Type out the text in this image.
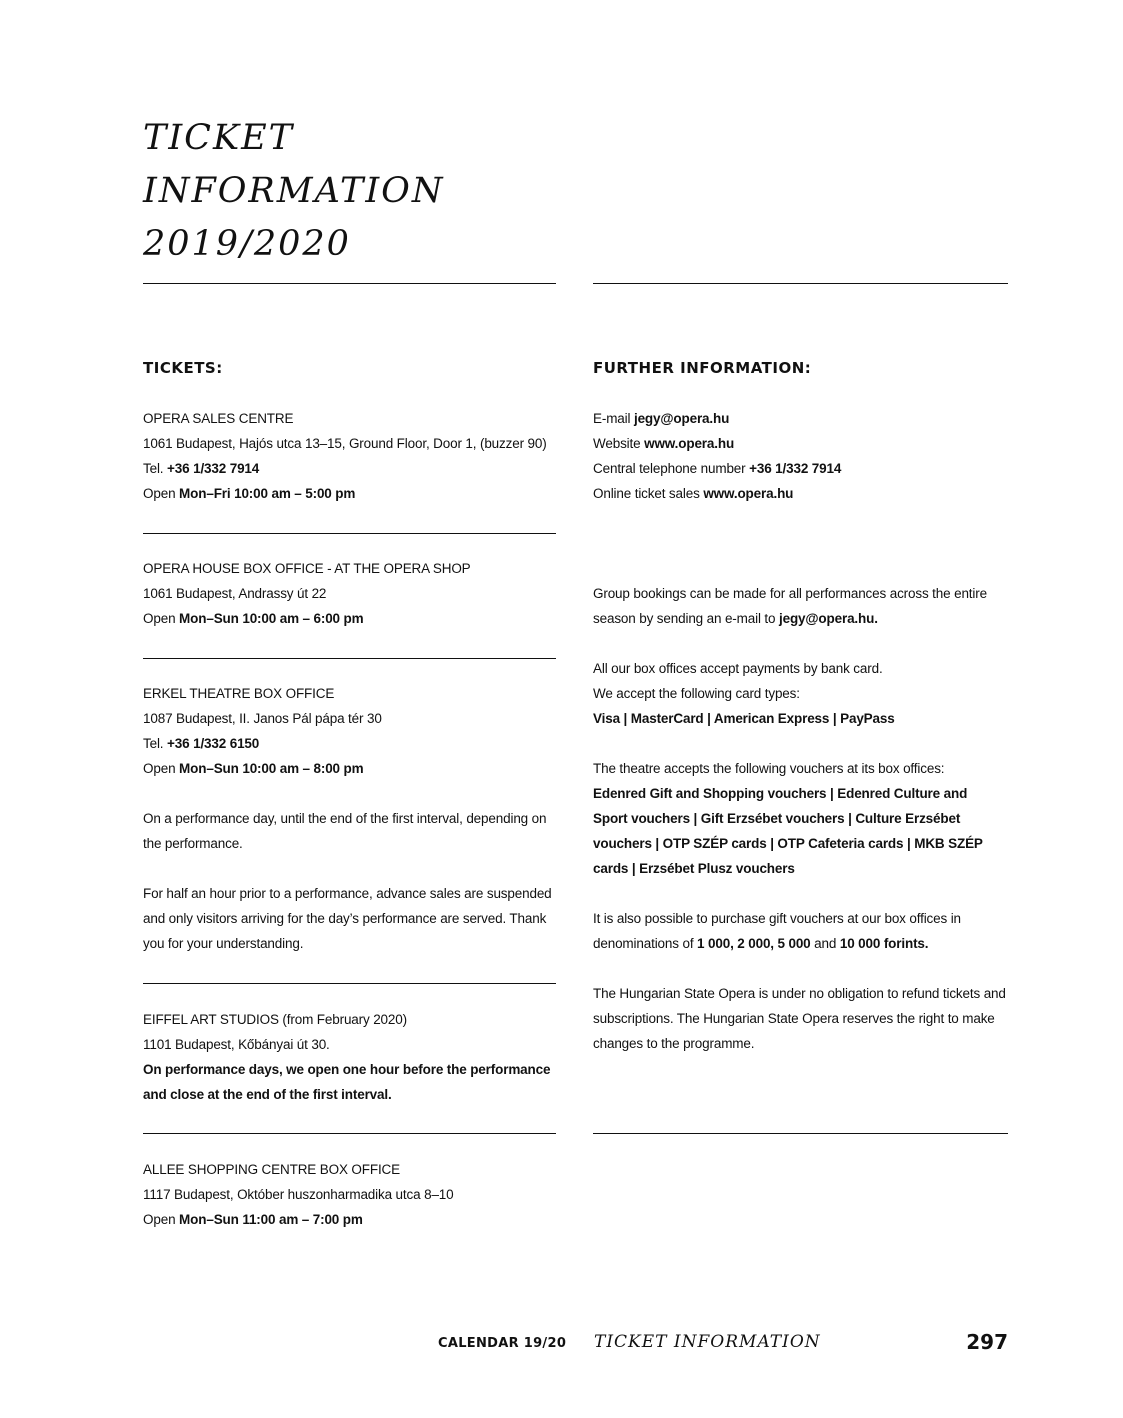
TICKET
INFORMATION
2019/2020
TICKETS:

OPERA SALES CENTRE

1061 Budapest, Hajós utca 13–15, Ground Floor, Door 1, (buzzer 90)

Tel. +36 1/332 7914

Open Mon–Fri 10:00 am – 5:00 pm

OPERA HOUSE BOX OFFICE - AT THE OPERA SHOP

1061 Budapest, Andrassy út 22

Open Mon–Sun 10:00 am – 6:00 pm

ERKEL THEATRE BOX OFFICE

1087 Budapest, II. Janos Pál pápa tér 30

Tel. +36 1/332 6150

Open Mon–Sun 10:00 am – 8:00 pm

On a performance day, until the end of the first interval, depending on the performance.

For half an hour prior to a performance, advance sales are suspended and only visitors arriving for the day’s performance are served. Thank you for your understanding.

EIFFEL ART STUDIOS (from February 2020)

1101 Budapest, Kőbányai út 30.

On performance days, we open one hour before the performance and close at the end of the first interval.

ALLEE SHOPPING CENTRE BOX OFFICE

1117 Budapest, Október huszonharmadika utca 8–10

Open Mon–Sun 11:00 am – 7:00 pm

FURTHER INFORMATION:

E-mail jegy@opera.hu

Website www.opera.hu

Central telephone number +36 1/332 7914

Online ticket sales www.opera.hu

Group bookings can be made for all performances across the entire season by sending an e-mail to jegy@opera.hu.

All our box offices accept payments by bank card.

We accept the following card types:

Visa | MasterCard | American Express | PayPass

The theatre accepts the following vouchers at its box offices:

Edenred Gift and Shopping vouchers | Edenred Culture and Sport vouchers | Gift Erzsébet vouchers | Culture Erzsébet vouchers | OTP SZÉP cards | OTP Cafeteria cards | MKB SZÉP cards | Erzsébet Plusz vouchers

It is also possible to purchase gift vouchers at our box offices in denominations of 1 000, 2 000, 5 000 and 10 000 forints.

The Hungarian State Opera is under no obligation to refund tickets and subscriptions. The Hungarian State Opera reserves the right to make changes to the programme.

CALENDAR 19/20 TICKET INFORMATION	297
